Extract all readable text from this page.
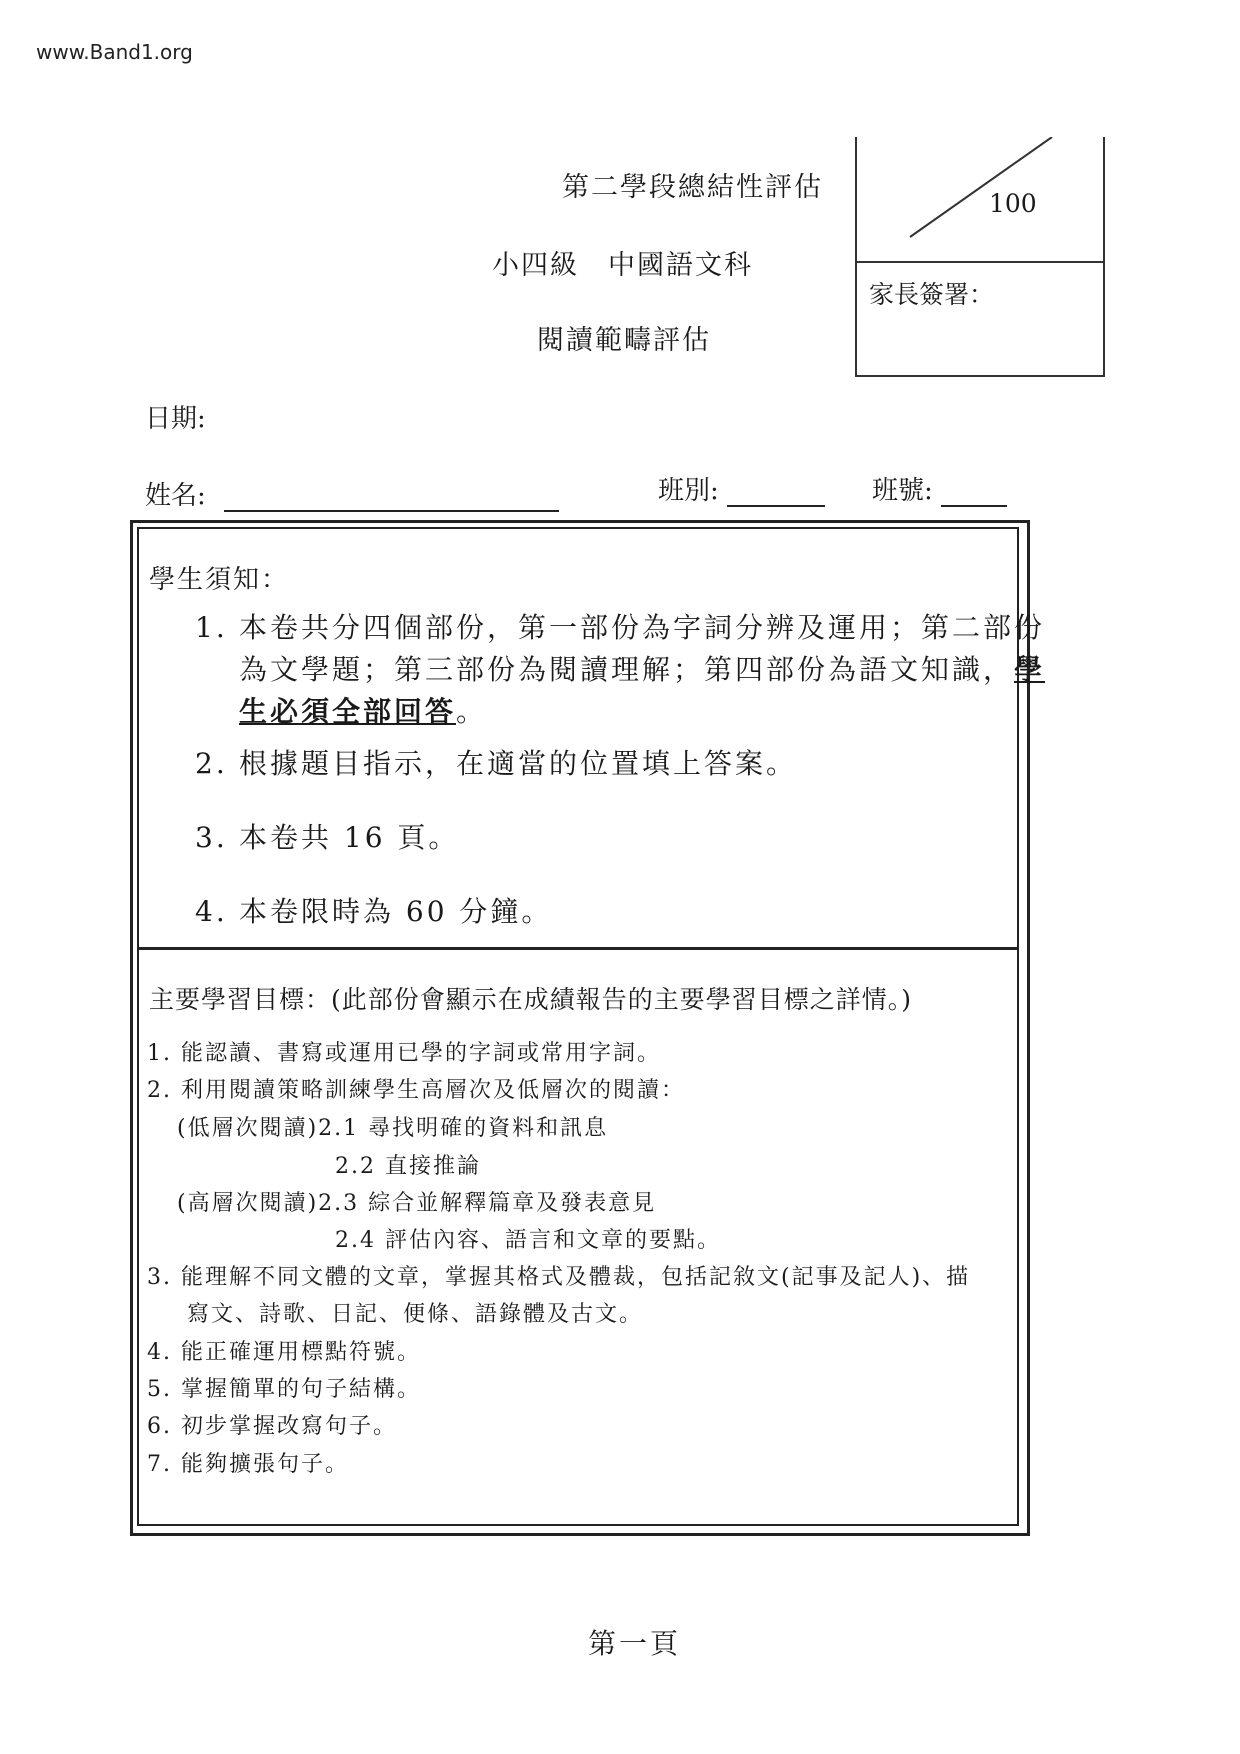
www.Band1.org
第二學段總結性評估
小四級　中國語文科
閱讀範疇評估
100
家長簽署：
日期:
姓名:	班別:	班號:
學生須知：
1. 本卷共分四個部份，第一部份為字詞分辨及運用；第二部份
為文學題；第三部份為閱讀理解；第四部份為語文知識，學
生必須全部回答。
2. 根據題目指示，在適當的位置填上答案。
3. 本卷共 16 頁。
4. 本卷限時為 60 分鐘。
主要學習目標：(此部份會顯示在成績報告的主要學習目標之詳情。)
1. 能認讀、書寫或運用已學的字詞或常用字詞。
2. 利用閱讀策略訓練學生高層次及低層次的閱讀：
(低層次閱讀)2.1 尋找明確的資料和訊息
2.2 直接推論
(高層次閱讀)2.3 綜合並解釋篇章及發表意見
2.4 評估內容、語言和文章的要點。
3. 能理解不同文體的文章，掌握其格式及體裁，包括記敘文(記事及記人)、描
寫文、詩歌、日記、便條、語錄體及古文。
4. 能正確運用標點符號。
5. 掌握簡單的句子結構。
6. 初步掌握改寫句子。
7. 能夠擴張句子。
第一頁
